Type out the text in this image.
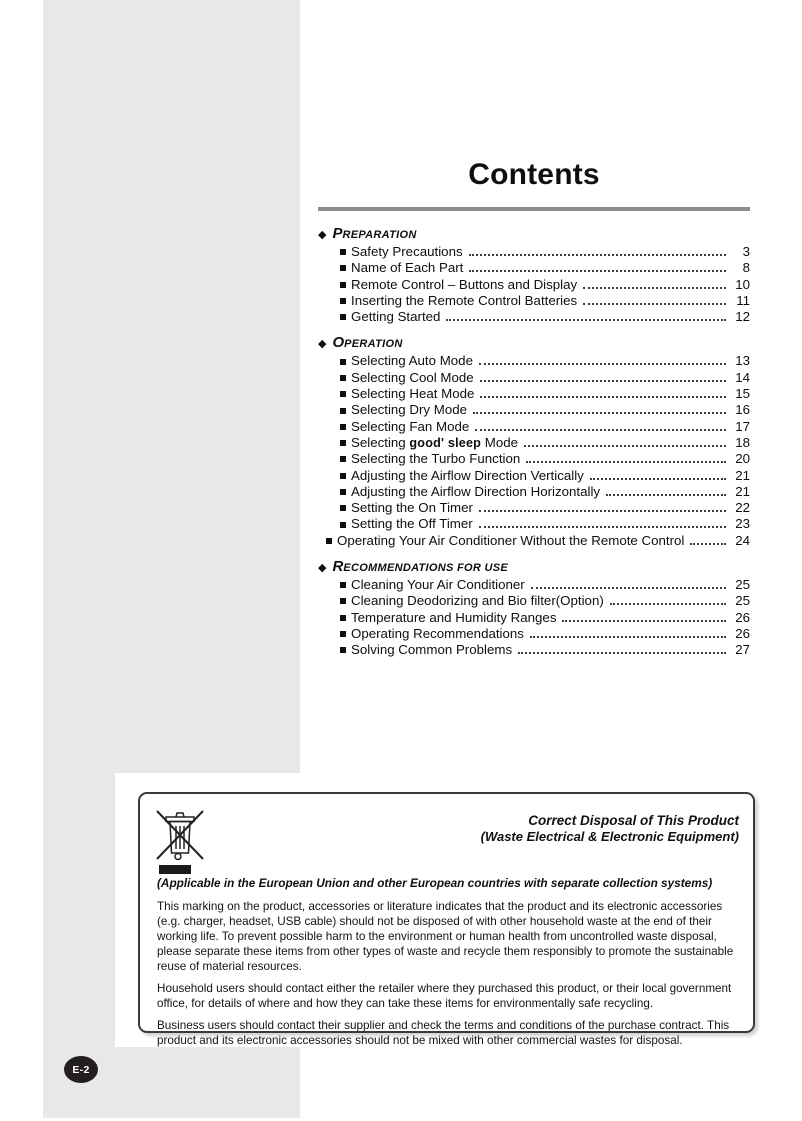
Contents
◆ PREPARATION
Safety Precautions	3
Name of Each Part	8
Remote Control – Buttons and Display	10
Inserting the Remote Control Batteries	11
Getting Started	12
◆ OPERATION
Selecting Auto Mode	13
Selecting Cool Mode	14
Selecting Heat Mode	15
Selecting Dry Mode	16
Selecting Fan Mode	17
Selecting good' sleep Mode	18
Selecting the Turbo Function	20
Adjusting the Airflow Direction Vertically	21
Adjusting the Airflow Direction Horizontally	21
Setting the On Timer	22
Setting the Off Timer	23
Operating Your Air Conditioner Without the Remote Control	24
◆ RECOMMENDATIONS FOR USE
Cleaning Your Air Conditioner	25
Cleaning Deodorizing and Bio filter(Option)	25
Temperature and Humidity Ranges	26
Operating Recommendations	26
Solving Common Problems	27
Correct Disposal of This Product
(Waste Electrical & Electronic Equipment)
(Applicable in the European Union and other European countries with separate collection systems)

This marking on the product, accessories or literature indicates that the product and its electronic accessories (e.g. charger, headset, USB cable) should not be disposed of with other household waste at the end of their working life. To prevent possible harm to the environment or human health from uncontrolled waste disposal, please separate these items from other types of waste and recycle them responsibly to promote the sustainable reuse of material resources.

Household users should contact either the retailer where they purchased this product, or their local government office, for details of where and how they can take these items for environmentally safe recycling.

Business users should contact their supplier and check the terms and conditions of the purchase contract. This product and its electronic accessories should not be mixed with other commercial wastes for disposal.

E-2
